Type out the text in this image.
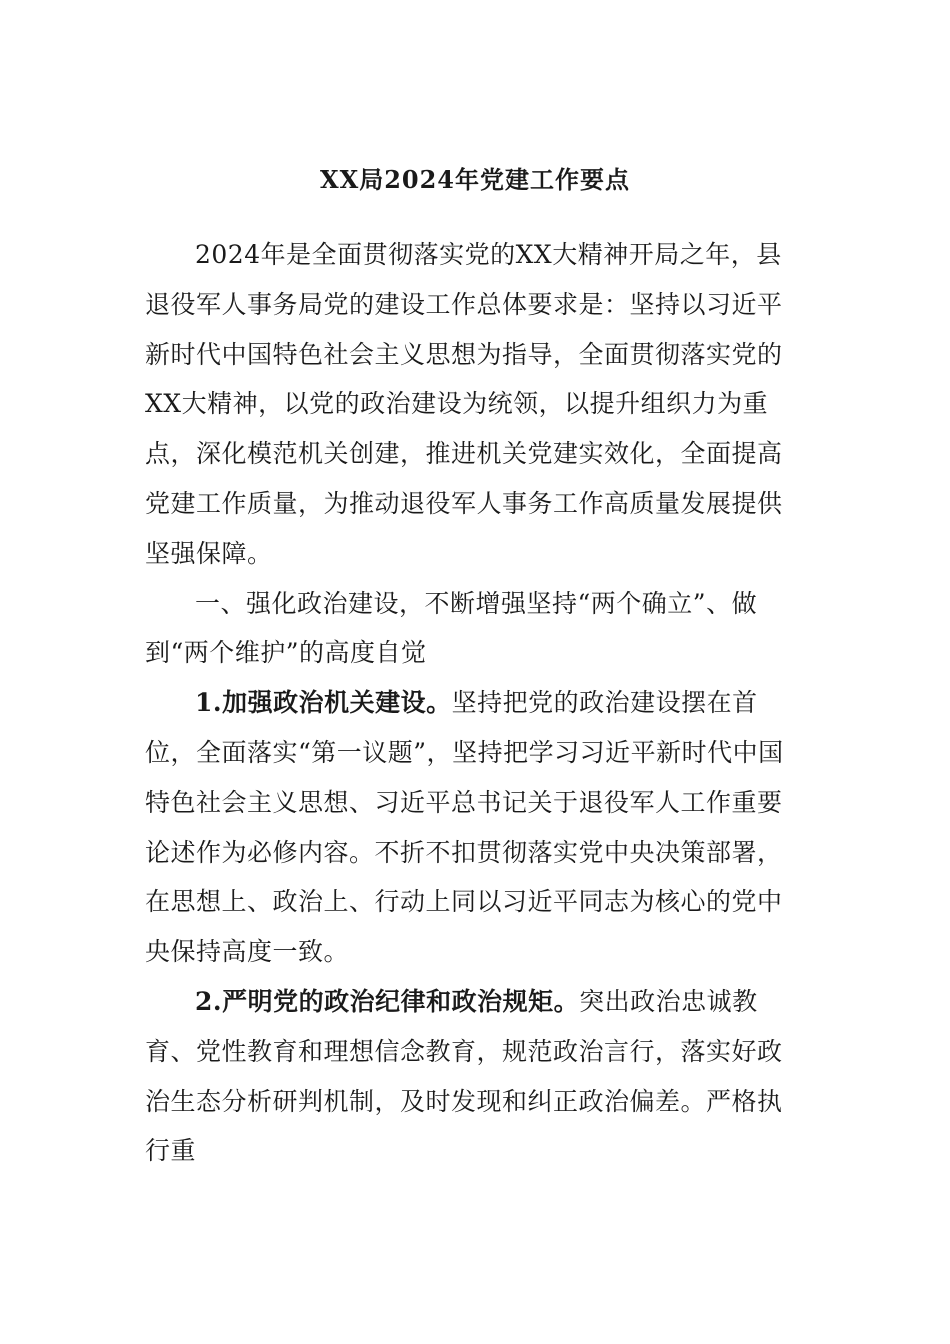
XX局2024年党建工作要点

2024年是全面贯彻落实党的XX大精神开局之年，县退役军人事务局党的建设工作总体要求是：坚持以习近平新时代中国特色社会主义思想为指导，全面贯彻落实党的XX大精神，以党的政治建设为统领，以提升组织力为重点，深化模范机关创建，推进机关党建实效化，全面提高党建工作质量，为推动退役军人事务工作高质量发展提供坚强保障。

一、强化政治建设，不断增强坚持“两个确立”、做到“两个维护”的高度自觉

1.加强政治机关建设。坚持把党的政治建设摆在首位，全面落实“第一议题”，坚持把学习习近平新时代中国特色社会主义思想、习近平总书记关于退役军人工作重要论述作为必修内容。不折不扣贯彻落实党中央决策部署，在思想上、政治上、行动上同以习近平同志为核心的党中央保持高度一致。

2.严明党的政治纪律和政治规矩。突出政治忠诚教育、党性教育和理想信念教育，规范政治言行，落实好政治生态分析研判机制，及时发现和纠正政治偏差。严格执行重
